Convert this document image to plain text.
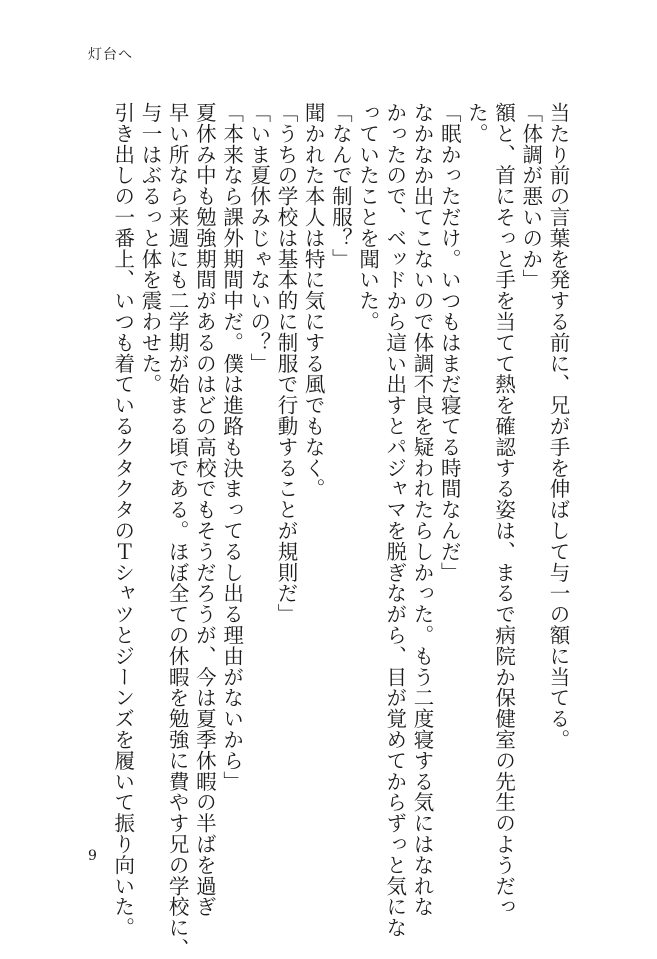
灯台へ
当たり前の言葉を発する前に、兄が手を伸ばして与一の額に当てる。
「体調が悪いのか」
額と、首にそっと手を当てて熱を確認する姿は、まるで病院か保健室の先生のようだっ
た。
「眠かっただけ。いつもはまだ寝てる時間なんだ」
なかなか出てこないので体調不良を疑われたらしかった。もう二度寝する気にはなれな
かったので、ベッドから這い出すとパジャマを脱ぎながら、目が覚めてからずっと気にな
っていたことを聞いた。
「なんで制服？」
聞かれた本人は特に気にする風でもなく。
「うちの学校は基本的に制服で行動することが規則だ」
「いま夏休みじゃないの？」
「本来なら課外期間中だ。僕は進路も決まってるし出る理由がないから」
夏休み中も勉強期間があるのはどの高校でもそうだろうが、今は夏季休暇の半ばを過ぎ
早い所なら来週にも二学期が始まる頃である。ほぼ全ての休暇を勉強に費やす兄の学校に、
与一はぶるっと体を震わせた。
引き出しの一番上、いつも着ているクタクタのＴシャツとジーンズを履いて振り向いた。
9
